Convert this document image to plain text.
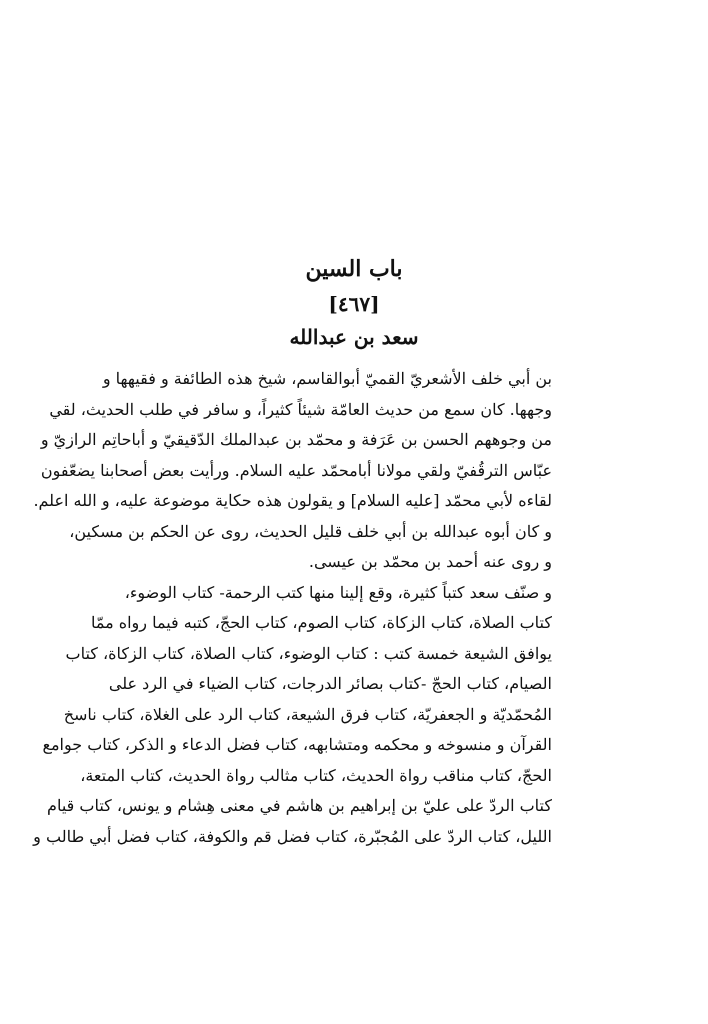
باب السين
[٤٦٧]
سعد بن عبدالله

بن أبي خلف الأشعريّ القميّ أبوالقاسم، شيخ هذه الطائفة و فقيهها و
وجهها. كان سمع من حديث العامّة شيئاً كثيراً، و سافر في طلب الحديث، لقي
من وجوههم الحسن بن عَرَفة و محمّد بن عبدالملك الدّقيقيّ و أباحاتِم الرازيّ و
عبّاس الترقُفيّ ولقي مولانا أبامحمّد عليه السلام. ورأيت بعض أصحابنا يضعّفون
لقاءه لأبي محمّد [عليه السلام] و يقولون هذه حكاية موضوعة عليه، و الله اعلم.

و كان أبوه عبدالله بن أبي خلف قليل الحديث، روى عن الحكم بن مسكين،
و روى عنه أحمد بن محمّد بن عيسى.

و صنّف سعد كتباً كثيرة، وقع إلينا منها كتب الرحمة- كتاب الوضوء،
كتاب الصلاة، كتاب الزكاة، كتاب الصوم، كتاب الحجّ، كتبه فيما رواه ممّا
يوافق الشيعة خمسة كتب : كتاب الوضوء، كتاب الصلاة، كتاب الزكاة، كتاب
الصيام، كتاب الحجّ -كتاب بصائر الدرجات، كتاب الضياء في الرد على
المُحمّديّة و الجعفريّة، كتاب فرق الشيعة، كتاب الرد على الغلاة، كتاب ناسخ
القرآن و منسوخه و محكمه ومتشابهه، كتاب فضل الدعاء و الذكر، كتاب جوامع
الحجّ، كتاب مناقب رواة الحديث، كتاب مثالب رواة الحديث، كتاب المتعة،
كتاب الردّ على عليّ بن إبراهيم بن هاشم في معنى هِشام و يونس، كتاب قيام
الليل، كتاب الردّ على المُجبّرة، كتاب فضل قم والكوفة، كتاب فضل أبي طالب و
